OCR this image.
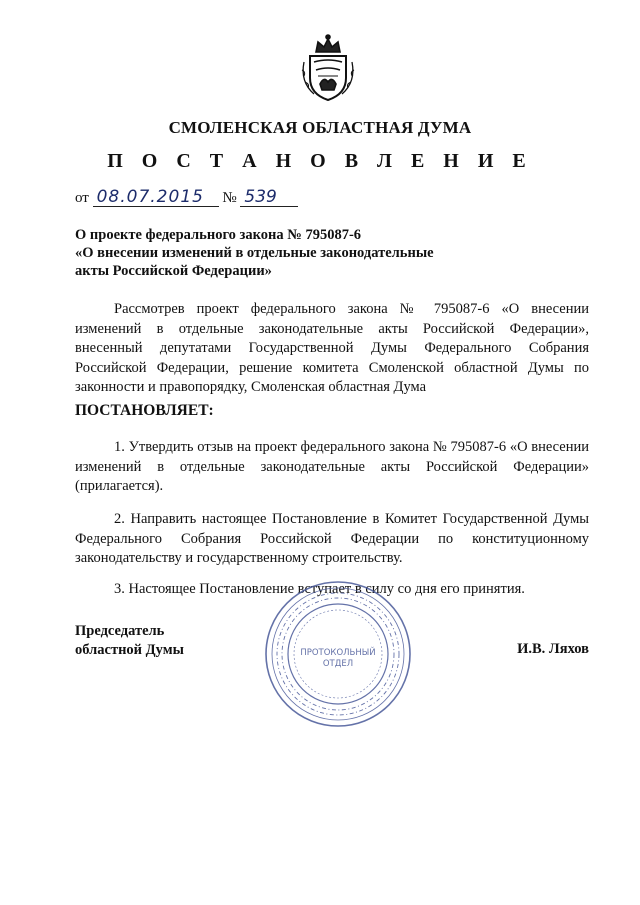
СМОЛЕНСКАЯ ОБЛАСТНАЯ ДУМА
П О С Т А Н О В Л Е Н И Е
от 08.07.2015 № 539
О проекте федерального закона № 795087-6
«О внесении изменений в отдельные законодательные
акты Российской Федерации»
Рассмотрев проект федерального закона № 795087-6 «О внесении изменений в отдельные законодательные акты Российской Федерации», внесенный депутатами Государственной Думы Федерального Собрания Российской Федерации, решение комитета Смоленской областной Думы по законности и правопорядку, Смоленская областная Дума
ПОСТАНОВЛЯЕТ:
1. Утвердить отзыв на проект федерального закона № 795087-6 «О внесении изменений в отдельные законодательные акты Российской Федерации» (прилагается).
2. Направить настоящее Постановление в Комитет Государственной Думы Федерального Собрания Российской Федерации по конституционному законодательству и государственному строительству.
3. Настоящее Постановление вступает в силу со дня его принятия.
ПРОТОКОЛЬНЫЙ
ОТДЕЛ
Председатель
областной Думы	И.В. Ляхов
